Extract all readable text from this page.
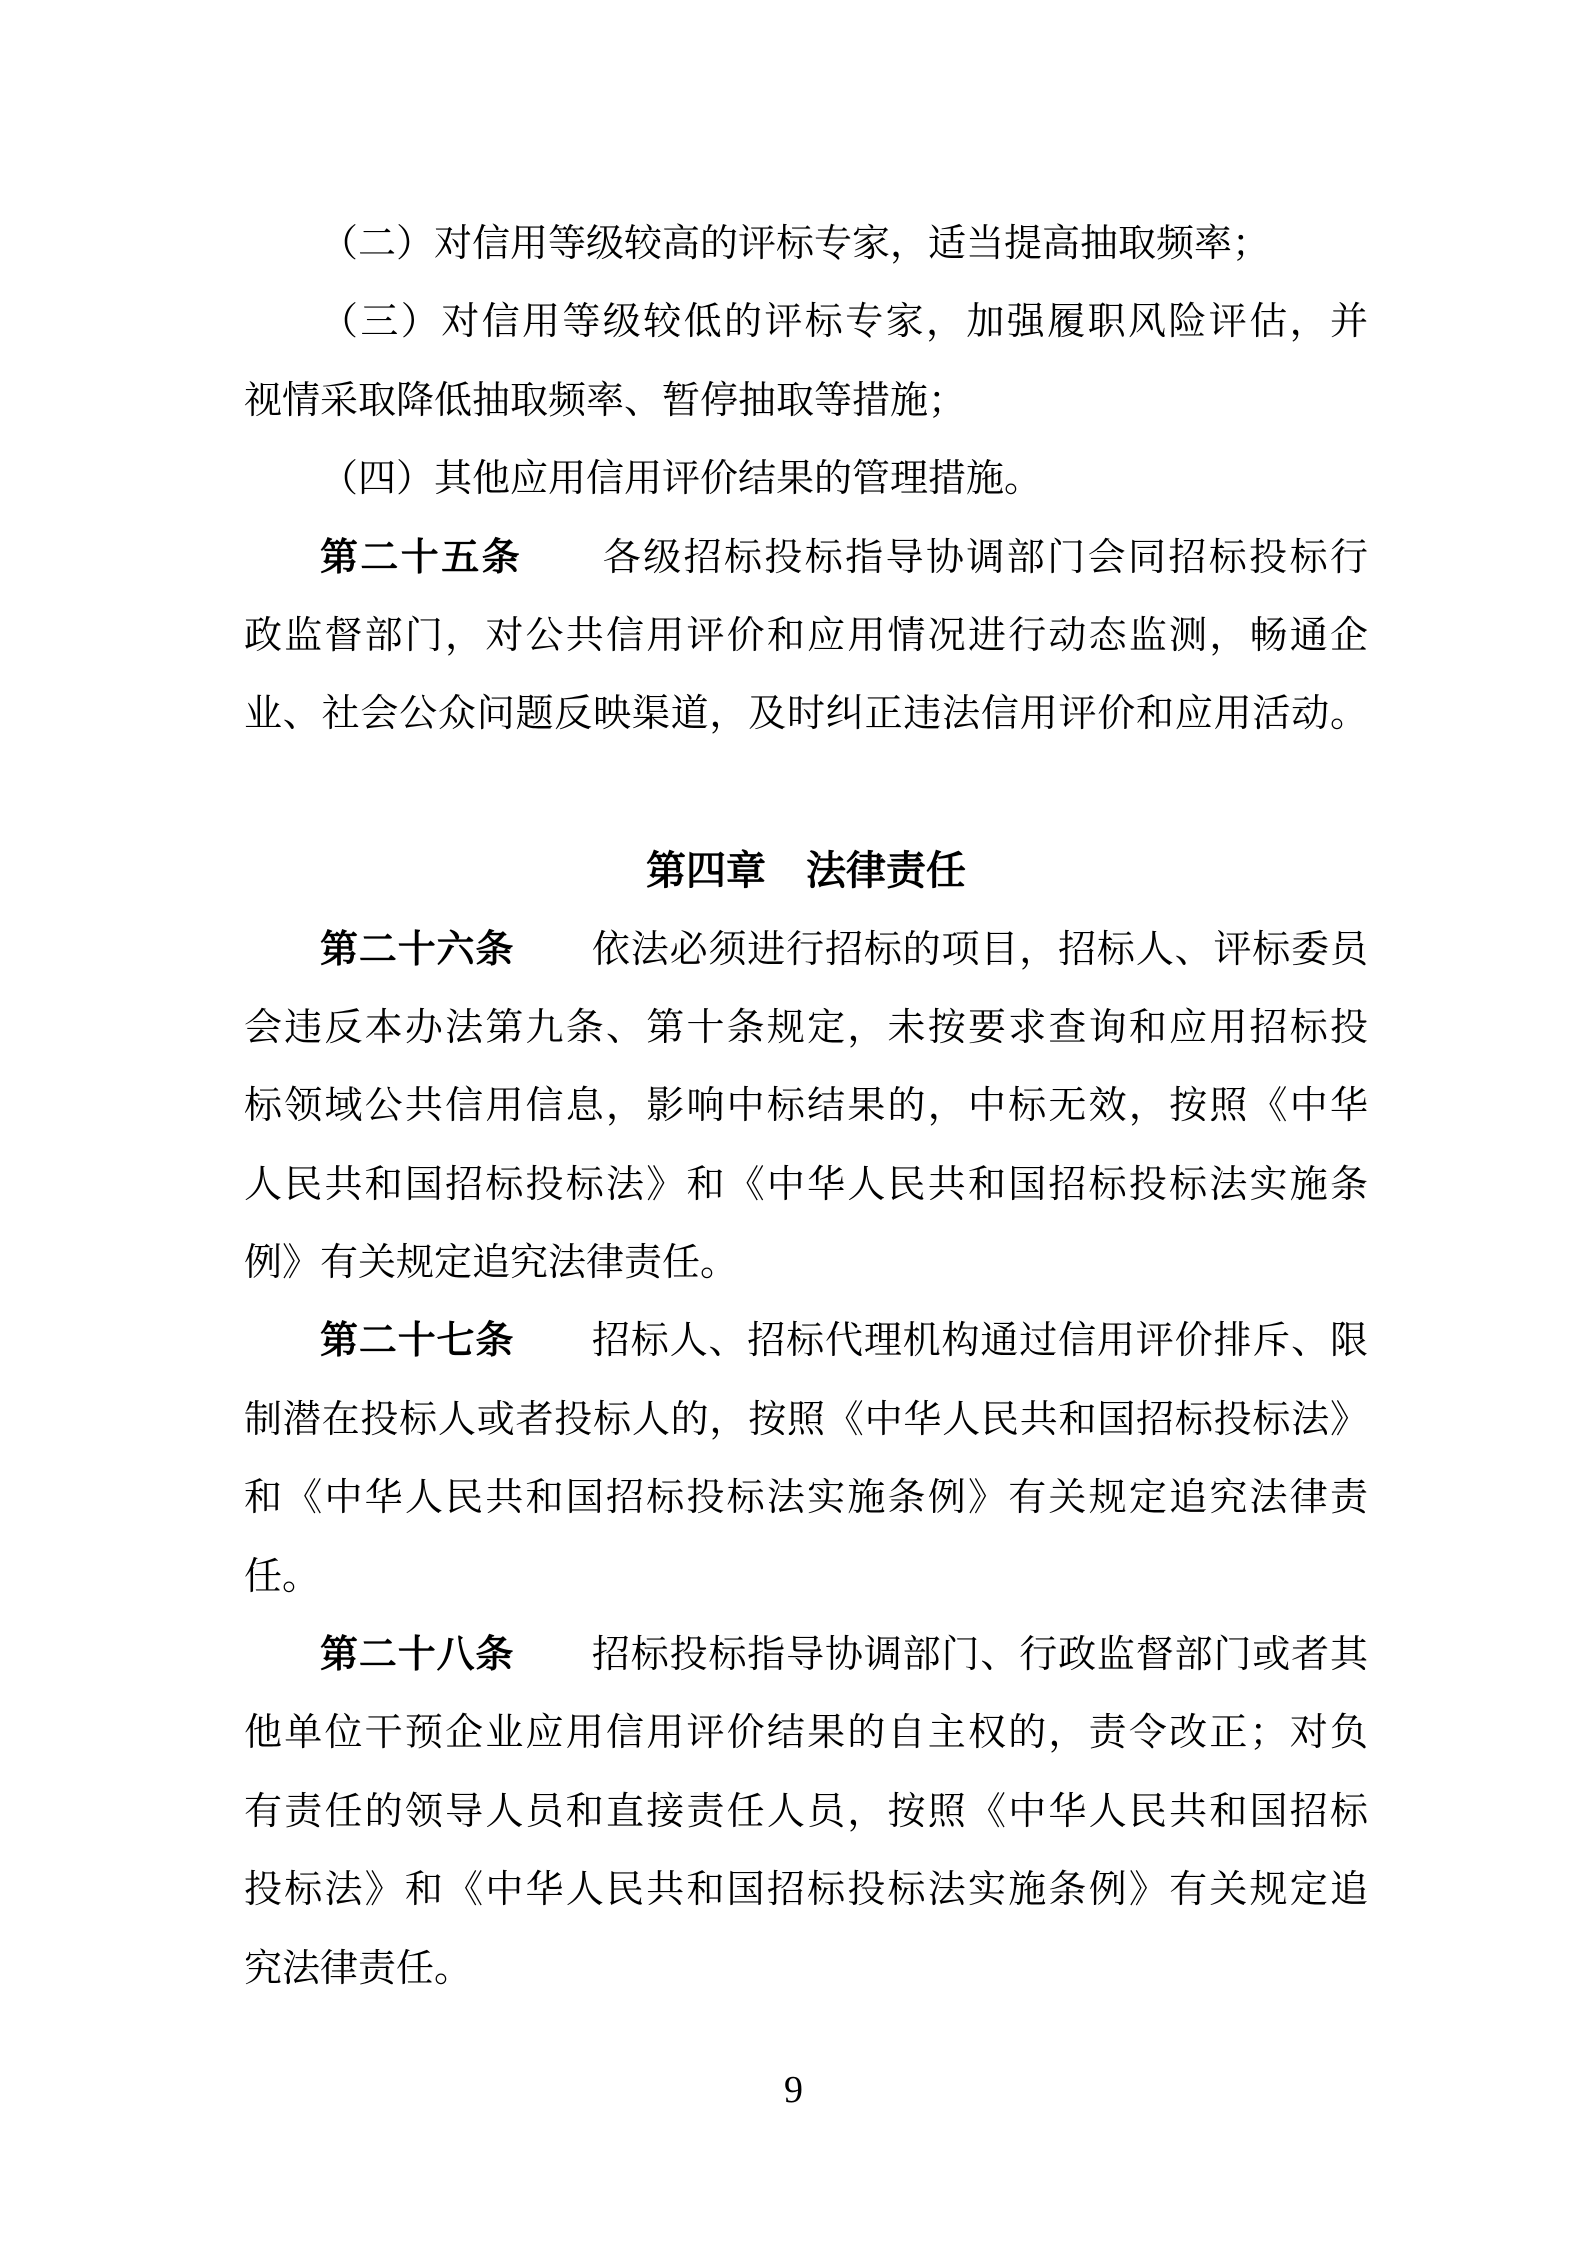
（二）对信用等级较高的评标专家，适当提高抽取频率；
（三）对信用等级较低的评标专家，加强履职风险评估，并
视情采取降低抽取频率、暂停抽取等措施；
（四）其他应用信用评价结果的管理措施。
第二十五条　　各级招标投标指导协调部门会同招标投标行
政监督部门，对公共信用评价和应用情况进行动态监测，畅通企
业、社会公众问题反映渠道，及时纠正违法信用评价和应用活动。
第四章　法律责任
第二十六条　　依法必须进行招标的项目，招标人、评标委员
会违反本办法第九条、第十条规定，未按要求查询和应用招标投
标领域公共信用信息，影响中标结果的，中标无效，按照《中华
人民共和国招标投标法》和《中华人民共和国招标投标法实施条
例》有关规定追究法律责任。
第二十七条　　招标人、招标代理机构通过信用评价排斥、限
制潜在投标人或者投标人的，按照《中华人民共和国招标投标法》
和《中华人民共和国招标投标法实施条例》有关规定追究法律责
任。
第二十八条　　招标投标指导协调部门、行政监督部门或者其
他单位干预企业应用信用评价结果的自主权的，责令改正；对负
有责任的领导人员和直接责任人员，按照《中华人民共和国招标
投标法》和《中华人民共和国招标投标法实施条例》有关规定追
究法律责任。
9
